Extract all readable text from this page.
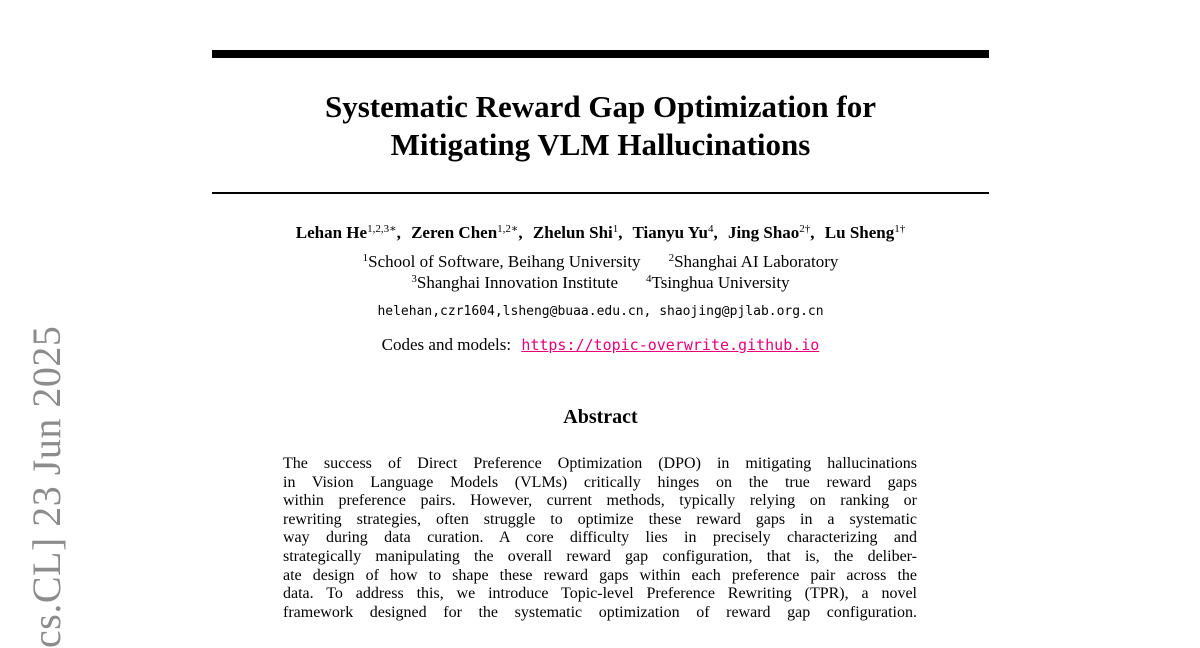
cs.CL] 23 Jun 2025
Systematic Reward Gap Optimization for
Mitigating VLM Hallucinations
Lehan $He^{1,2,3∗}$, Zeren Chen$^{1,2∗}$, Zhelun Shi$^1$, Tianyu Yu$^4$, Jing Shao$^{2\dagger}$, Lu Sheng$^{1\dagger}$
$^1$School of Software, Beihang University	$^2$Shanghai AI Laboratory
$^3$Shanghai Innovation Institute	$^4$Tsinghua University
helehan,czr1604,lsheng@buaa.edu.cn, shaojing@pjlab.org.cn
Codes and models: https://topic-overwrite.github.io
Abstract
The success of Direct Preference Optimization (DPO) in mitigating hallucinations
in Vision Language Models (VLMs) critically hinges on the true reward gaps
within preference pairs. However, current methods, typically relying on ranking or
rewriting strategies, often struggle to optimize these reward gaps in a systematic
way during data curation. A core difficulty lies in precisely characterizing and
strategically manipulating the overall reward gap configuration, that is, the deliber-
ate design of how to shape these reward gaps within each preference pair across the
data. To address this, we introduce Topic-level Preference Rewriting (TPR), a novel
framework designed for the systematic optimization of reward gap configuration.
